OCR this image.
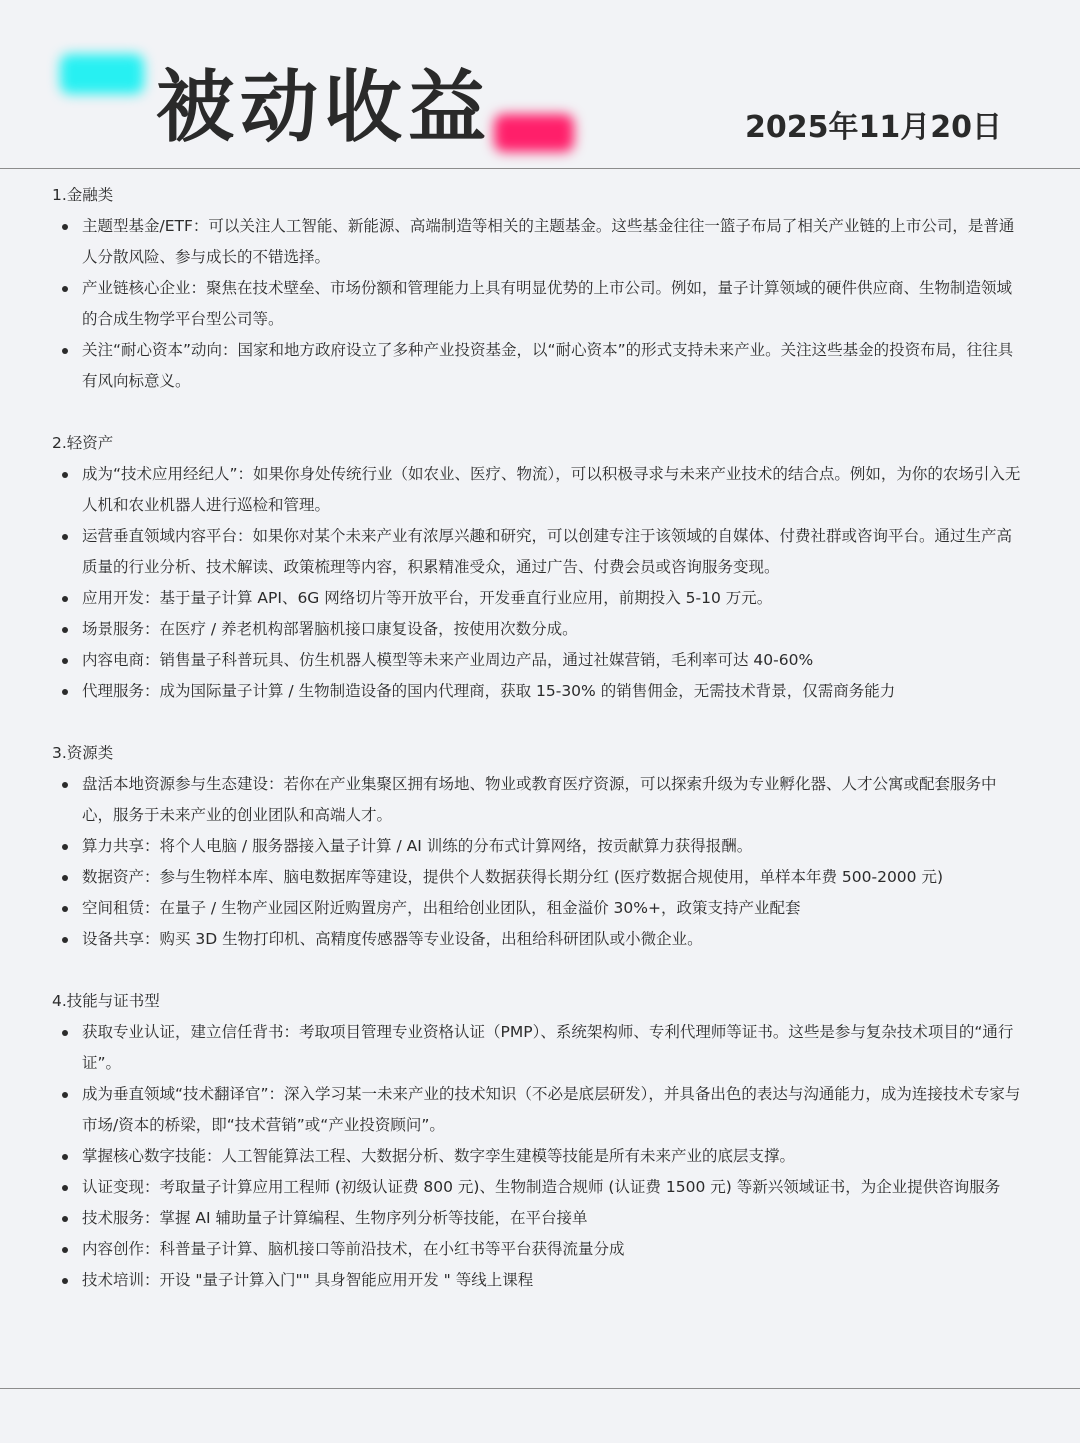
被动收益	2025年11月20日
1.金融类
主题型基金/ETF：可以关注人工智能、新能源、高端制造等相关的主题基金。这些基金往往一篮子布局了相关产业链的上市公司，是普通人分散风险、参与成长的不错选择。
产业链核心企业：聚焦在技术壁垒、市场份额和管理能力上具有明显优势的上市公司。例如，量子计算领域的硬件供应商、生物制造领域的合成生物学平台型公司等。
关注“耐心资本”动向：国家和地方政府设立了多种产业投资基金，以“耐心资本”的形式支持未来产业。关注这些基金的投资布局，往往具有风向标意义。
2.轻资产
成为“技术应用经纪人”：如果你身处传统行业（如农业、医疗、物流），可以积极寻求与未来产业技术的结合点。例如，为你的农场引入无人机和农业机器人进行巡检和管理。
运营垂直领域内容平台：如果你对某个未来产业有浓厚兴趣和研究，可以创建专注于该领域的自媒体、付费社群或咨询平台。通过生产高质量的行业分析、技术解读、政策梳理等内容，积累精准受众，通过广告、付费会员或咨询服务变现。
应用开发：基于量子计算 API、6G 网络切片等开放平台，开发垂直行业应用，前期投入 5-10 万元。
场景服务：在医疗 / 养老机构部署脑机接口康复设备，按使用次数分成。
内容电商：销售量子科普玩具、仿生机器人模型等未来产业周边产品，通过社媒营销，毛利率可达 40-60%
代理服务：成为国际量子计算 / 生物制造设备的国内代理商，获取 15-30% 的销售佣金，无需技术背景，仅需商务能力
3.资源类
盘活本地资源参与生态建设：若你在产业集聚区拥有场地、物业或教育医疗资源，可以探索升级为专业孵化器、人才公寓或配套服务中心，服务于未来产业的创业团队和高端人才。
算力共享：将个人电脑 / 服务器接入量子计算 / AI 训练的分布式计算网络，按贡献算力获得报酬。
数据资产：参与生物样本库、脑电数据库等建设，提供个人数据获得长期分红 (医疗数据合规使用，单样本年费 500-2000 元)
空间租赁：在量子 / 生物产业园区附近购置房产，出租给创业团队，租金溢价 30%+，政策支持产业配套
设备共享：购买 3D 生物打印机、高精度传感器等专业设备，出租给科研团队或小微企业。
4.技能与证书型
获取专业认证，建立信任背书：考取项目管理专业资格认证（PMP）、系统架构师、专利代理师等证书。这些是参与复杂技术项目的“通行证”。
成为垂直领域“技术翻译官”：深入学习某一未来产业的技术知识（不必是底层研发），并具备出色的表达与沟通能力，成为连接技术专家与市场/资本的桥梁，即“技术营销”或“产业投资顾问”。
掌握核心数字技能：人工智能算法工程、大数据分析、数字孪生建模等技能是所有未来产业的底层支撑。
认证变现：考取量子计算应用工程师 (初级认证费 800 元)、生物制造合规师 (认证费 1500 元) 等新兴领域证书，为企业提供咨询服务
技术服务：掌握 AI 辅助量子计算编程、生物序列分析等技能，在平台接单
内容创作：科普量子计算、脑机接口等前沿技术，在小红书等平台获得流量分成
技术培训：开设 "量子计算入门"" 具身智能应用开发 " 等线上课程
